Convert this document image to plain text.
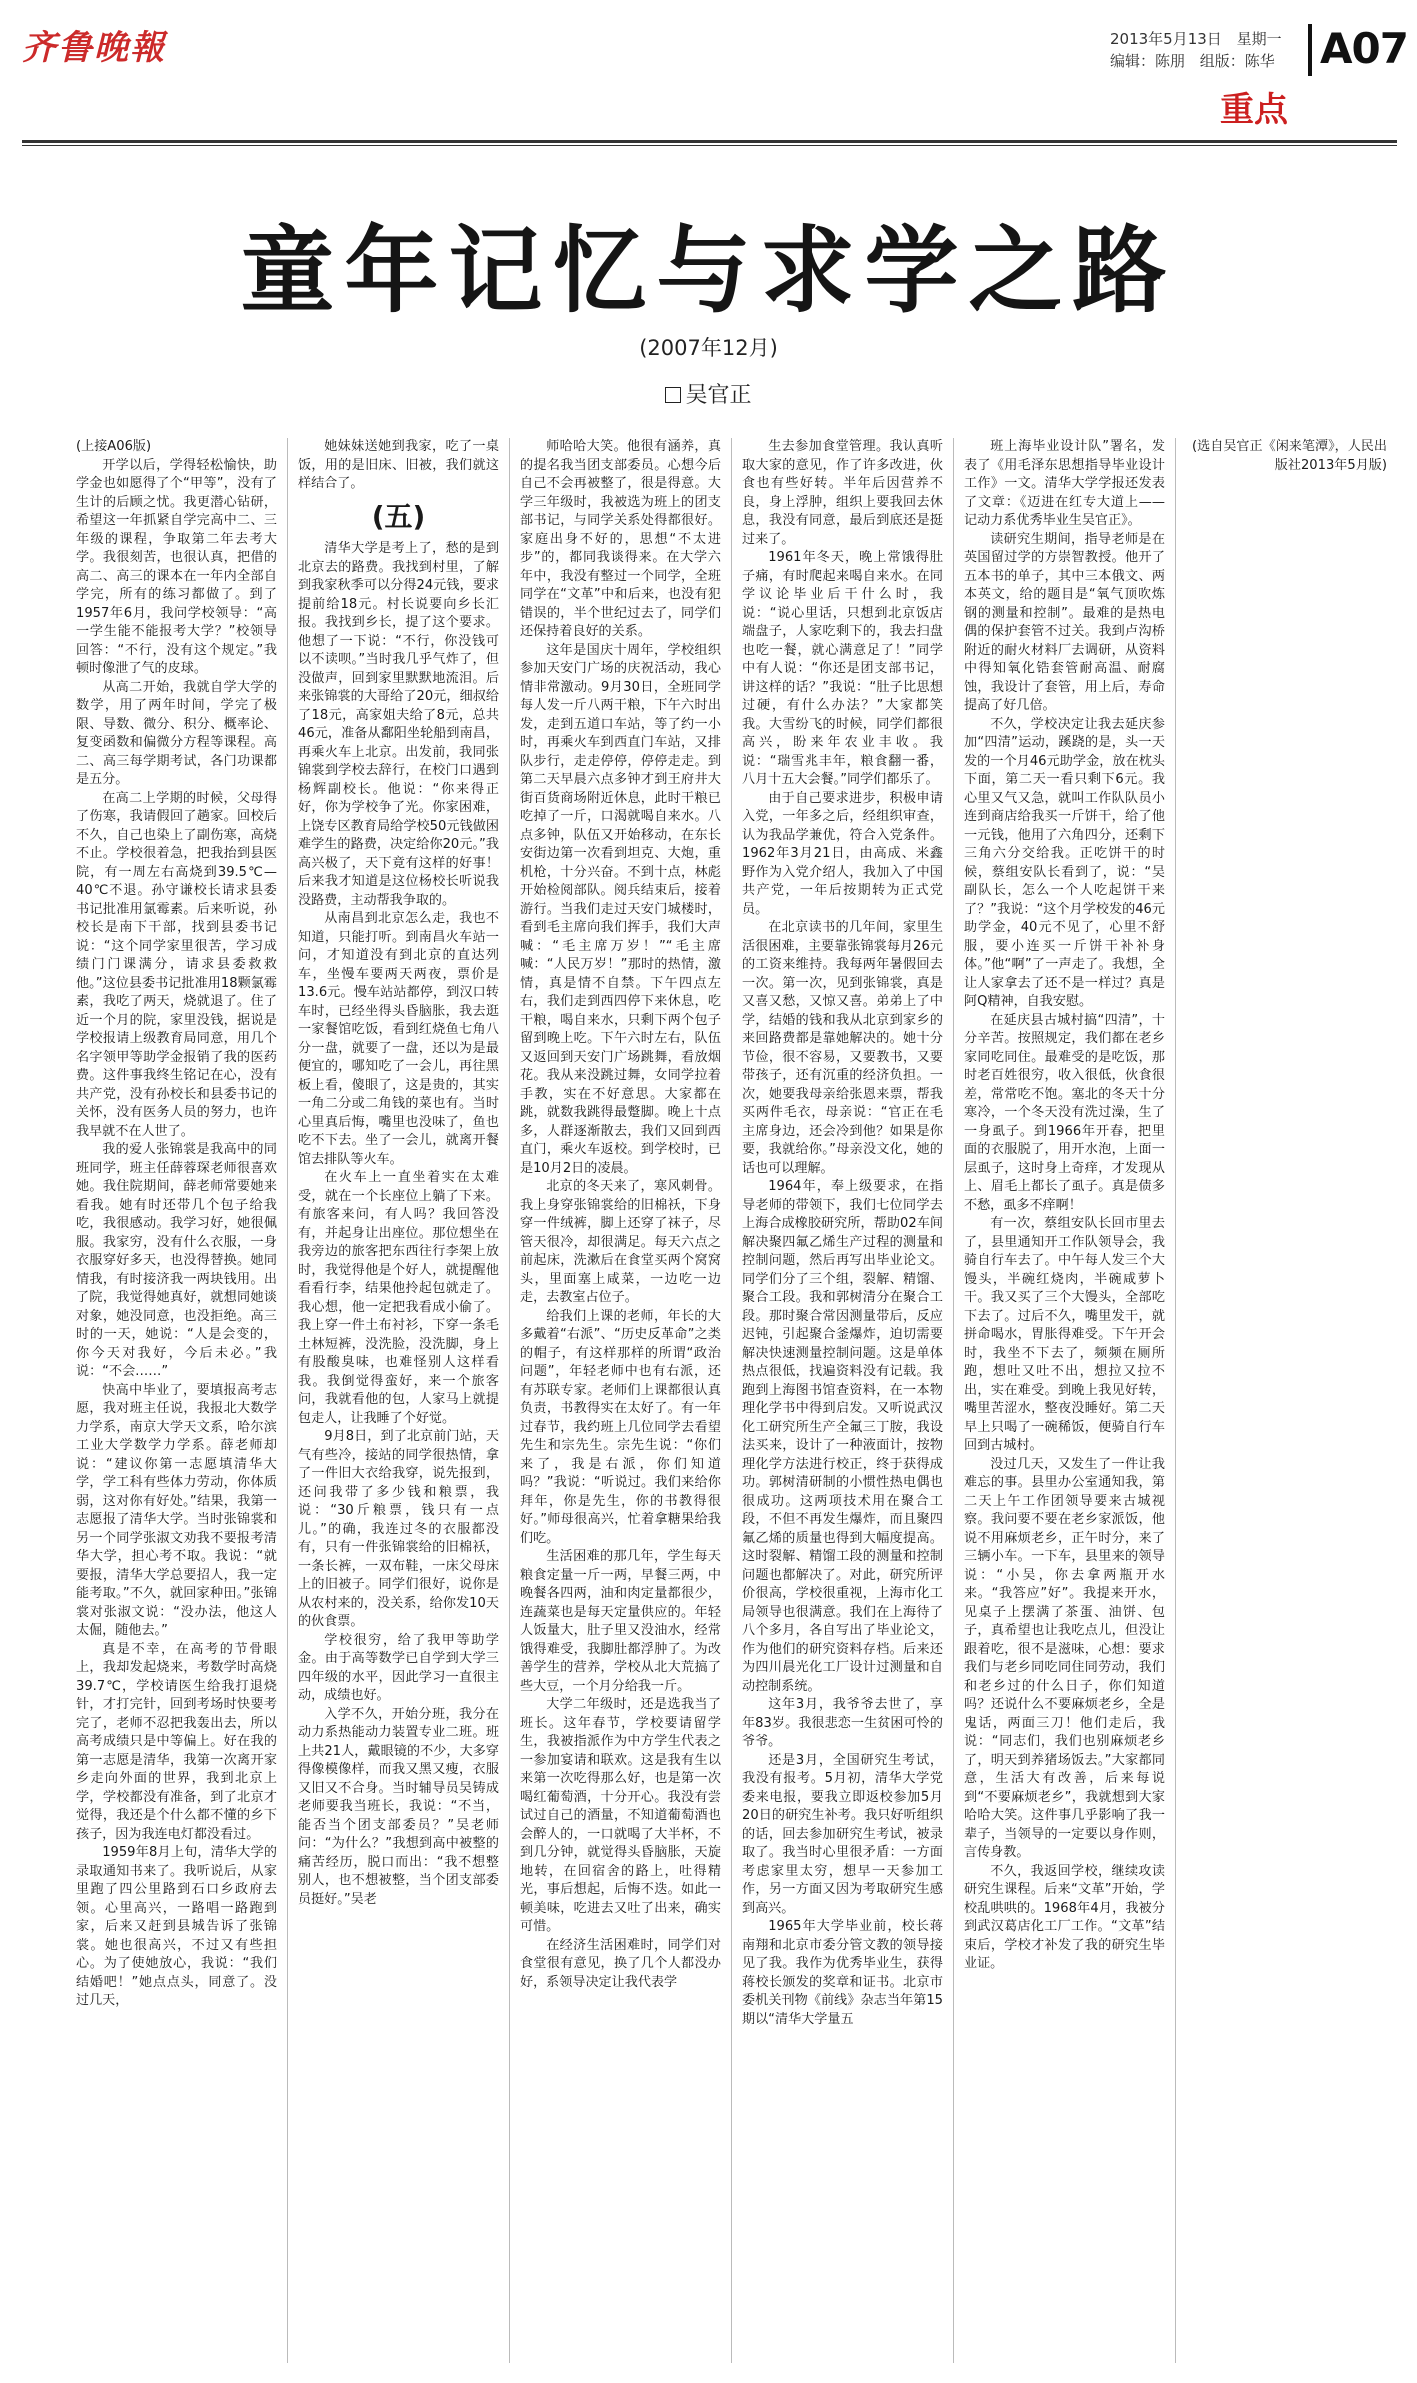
齐鲁晚報	2013年5月13日 星期一
编辑：陈朋 组版：陈华	A07
重点
童年记忆与求学之路
(2007年12月)
吴官正

(上接A06版)

开学以后，学得轻松愉快，助学金也如愿得了个“甲等”，没有了生计的后顾之忧。我更潜心钻研，希望这一年抓紧自学完高中二、三年级的课程，争取第二年去考大学。我很刻苦，也很认真，把借的高二、高三的课本在一年内全部自学完，所有的练习都做了。到了1957年6月，我问学校领导：“高一学生能不能报考大学？”校领导回答：“不行，没有这个规定。”我顿时像泄了气的皮球。

从高二开始，我就自学大学的数学，用了两年时间，学完了极限、导数、微分、积分、概率论、复变函数和偏微分方程等课程。高二、高三每学期考试，各门功课都是五分。

在高二上学期的时候，父母得了伤寒，我请假回了趟家。回校后不久，自己也染上了副伤寒，高烧不止。学校很着急，把我抬到县医院，有一周左右高烧到39.5℃—40℃不退。孙守谦校长请求县委书记批准用氯霉素。后来听说，孙校长是南下干部，找到县委书记说：“这个同学家里很苦，学习成绩门门课满分，请求县委救救他。”这位县委书记批准用18颗氯霉素，我吃了两天，烧就退了。住了近一个月的院，家里没钱，据说是学校报请上级教育局同意，用几个名字领甲等助学金报销了我的医药费。这件事我终生铭记在心，没有共产党，没有孙校长和县委书记的关怀，没有医务人员的努力，也许我早就不在人世了。

我的爱人张锦裳是我高中的同班同学，班主任薛蓉琛老师很喜欢她。我住院期间，薛老师常要她来看我。她有时还带几个包子给我吃，我很感动。我学习好，她很佩服。我家穷，没有什么衣服，一身衣服穿好多天，也没得替换。她同情我，有时接济我一两块钱用。出了院，我觉得她真好，就想同她谈对象，她没同意，也没拒绝。高三时的一天，她说：“人是会变的，你今天对我好，今后未必。”我说：“不会……”

快高中毕业了，要填报高考志愿，我对班主任说，我报北大数学力学系，南京大学天文系，哈尔滨工业大学数学力学系。薛老师却说：“建议你第一志愿填清华大学，学工科有些体力劳动，你体质弱，这对你有好处。”结果，我第一志愿报了清华大学。当时张锦裳和另一个同学张淑文劝我不要报考清华大学，担心考不取。我说：“就要报，清华大学总要招人，我一定能考取。”不久，就回家种田。”张锦裳对张淑文说：“没办法，他这人太倔，随他去。”

真是不幸，在高考的节骨眼上，我却发起烧来，考数学时高烧39.7℃，学校请医生给我打退烧针，才打完针，回到考场时快要考完了，老师不忍把我轰出去，所以高考成绩只是中等偏上。好在我的第一志愿是清华，我第一次离开家乡走向外面的世界，我到北京上学，学校都没有准备，到了北京才觉得，我还是个什么都不懂的乡下孩子，因为我连电灯都没看过。

1959年8月上旬，清华大学的录取通知书来了。我听说后，从家里跑了四公里路到石口乡政府去领。心里高兴，一路唱一路跑到家，后来又赶到县城告诉了张锦裳。她也很高兴，不过又有些担心。为了使她放心，我说：“我们结婚吧！”她点点头，同意了。没过几天，

她妹妹送她到我家，吃了一桌饭，用的是旧床、旧被，我们就这样结合了。

(五)

清华大学是考上了，愁的是到北京去的路费。我找到村里，了解到我家秋季可以分得24元钱，要求提前给18元。村长说要向乡长汇报。我找到乡长，提了这个要求。他想了一下说：“不行，你没钱可以不读呗。”当时我几乎气炸了，但没做声，回到家里默默地流泪。后来张锦裳的大哥给了20元，细叔给了18元，高家姐夫给了8元，总共46元，准备从鄱阳坐轮船到南昌，再乘火车上北京。出发前，我同张锦裳到学校去辞行，在校门口遇到杨辉副校长。他说：“你来得正好，你为学校争了光。你家困难，上饶专区教育局给学校50元钱做困难学生的路费，决定给你20元。”我高兴极了，天下竟有这样的好事！后来我才知道是这位杨校长听说我没路费，主动帮我争取的。

从南昌到北京怎么走，我也不知道，只能打听。到南昌火车站一问，才知道没有到北京的直达列车，坐慢车要两天两夜，票价是13.6元。慢车站站都停，到汉口转车时，已经坐得头昏脑胀，我去逛一家餐馆吃饭，看到红烧鱼七角八分一盘，就要了一盘，还以为是最便宜的，哪知吃了一会儿，再往黑板上看，傻眼了，这是贵的，其实一角二分或二角钱的菜也有。当时心里真后悔，嘴里也没味了，鱼也吃不下去。坐了一会儿，就离开餐馆去排队等火车。

在火车上一直坐着实在太难受，就在一个长座位上躺了下来。有旅客来问，有人吗？我回答没有，并起身让出座位。那位想坐在我旁边的旅客把东西往行李架上放时，我觉得他是个好人，就提醒他看看行李，结果他拎起包就走了。我心想，他一定把我看成小偷了。我上穿一件土布衬衫，下穿一条毛土林短裤，没洗脸，没洗脚，身上有股酸臭味，也难怪别人这样看我。我倒觉得蛮好，来一个旅客问，我就看他的包，人家马上就提包走人，让我睡了个好觉。

9月8日，到了北京前门站，天气有些冷，接站的同学很热情，拿了一件旧大衣给我穿，说先报到，还问我带了多少钱和粮票，我说：“30斤粮票，钱只有一点儿。”的确，我连过冬的衣服都没有，只有一件张锦裳给的旧棉袄，一条长裤，一双布鞋，一床父母床上的旧被子。同学们很好，说你是从农村来的，没关系，给你发10天的伙食票。

学校很穷，给了我甲等助学金。由于高等数学已自学到大学三四年级的水平，因此学习一直很主动，成绩也好。

入学不久，开始分班，我分在动力系热能动力装置专业二班。班上共21人，戴眼镜的不少，大多穿得像模像样，而我又黑又瘦，衣服又旧又不合身。当时辅导员吴铸成老师要我当班长，我说：“不当，能否当个团支部委员？”吴老师问：“为什么？”我想到高中被整的痛苦经历，脱口而出：“我不想整别人，也不想被整，当个团支部委员挺好。”吴老

师哈哈大笑。他很有涵养，真的提名我当团支部委员。心想今后自己不会再被整了，很是得意。大学三年级时，我被选为班上的团支部书记，与同学关系处得都很好。家庭出身不好的，思想“不太进步”的，都同我谈得来。在大学六年中，我没有整过一个同学，全班同学在“文革”中和后来，也没有犯错误的，半个世纪过去了，同学们还保持着良好的关系。

这年是国庆十周年，学校组织参加天安门广场的庆祝活动，我心情非常激动。9月30日，全班同学每人发一斤八两干粮，下午六时出发，走到五道口车站，等了约一小时，再乘火车到西直门车站，又排队步行，走走停停，停停走走。到第二天早晨六点多钟才到王府井大街百货商场附近休息，此时干粮已吃掉了一斤，口渴就喝自来水。八点多钟，队伍又开始移动，在东长安街边第一次看到坦克、大炮，重机枪，十分兴奋。不到十点，林彪开始检阅部队。阅兵结束后，接着游行。当我们走过天安门城楼时，看到毛主席向我们挥手，我们大声喊：“毛主席万岁！”“毛主席喊：“人民万岁！”那时的热情，激情，真是情不自禁。下午四点左右，我们走到西四停下来休息，吃干粮，喝自来水，只剩下两个包子留到晚上吃。下午六时左右，队伍又返回到天安门广场跳舞，看放烟花。我从来没跳过舞，女同学拉着手教，实在不好意思。大家都在跳，就数我跳得最蹩脚。晚上十点多，人群逐渐散去，我们又回到西直门，乘火车返校。到学校时，已是10月2日的凌晨。

北京的冬天来了，寒风刺骨。我上身穿张锦裳给的旧棉袄，下身穿一件绒裤，脚上还穿了袜子，尽管天很冷，却很满足。每天六点之前起床，洗漱后在食堂买两个窝窝头，里面塞上咸菜，一边吃一边走，去教室占位子。

给我们上课的老师，年长的大多戴着“右派”、“历史反革命”之类的帽子，有这样那样的所谓“政治问题”，年轻老师中也有右派，还有苏联专家。老师们上课都很认真负责，书教得实在太好了。有一年过春节，我约班上几位同学去看望先生和宗先生。宗先生说：“你们来了，我是右派，你们知道吗？”我说：“听说过。我们来给你拜年，你是先生，你的书教得很好。”师母很高兴，忙着拿糖果给我们吃。

生活困难的那几年，学生每天粮食定量一斤一两，早餐三两，中晚餐各四两，油和肉定量都很少，连蔬菜也是每天定量供应的。年轻人饭量大，肚子里又没油水，经常饿得难受，我脚肚都浮肿了。为改善学生的营养，学校从北大荒搞了些大豆，一个月分给我一斤。

大学二年级时，还是选我当了班长。这年春节，学校要请留学生，我被指派作为中方学生代表之一参加宴请和联欢。这是我有生以来第一次吃得那么好，也是第一次喝红葡萄酒，十分开心。我没有尝试过自己的酒量，不知道葡萄酒也会醉人的，一口就喝了大半杯，不到几分钟，就觉得头昏脑胀，天旋地转，在回宿舍的路上，吐得精光，事后想起，后悔不迭。如此一顿美味，吃进去又吐了出来，确实可惜。

在经济生活困难时，同学们对食堂很有意见，换了几个人都没办好，系领导决定让我代表学

生去参加食堂管理。我认真听取大家的意见，作了许多改进，伙食也有些好转。半年后因营养不良，身上浮肿，组织上要我回去休息，我没有同意，最后到底还是挺过来了。

1961年冬天，晚上常饿得肚子痛，有时爬起来喝自来水。在同学议论毕业后干什么时，我说：“说心里话，只想到北京饭店端盘子，人家吃剩下的，我去扫盘也吃一餐，就心满意足了！”同学中有人说：“你还是团支部书记，讲这样的话？”我说：“肚子比思想过硬，有什么办法？”大家都笑我。大雪纷飞的时候，同学们都很高兴，盼来年农业丰收。我说：“瑞雪兆丰年，粮食翻一番，八月十五大会餐。”同学们都乐了。

由于自己要求进步，积极申请入党，一年多之后，经组织审查，认为我品学兼优，符合入党条件。1962年3月21日，由高成、米鑫野作为入党介绍人，我加入了中国共产党，一年后按期转为正式党员。

在北京读书的几年间，家里生活很困难，主要靠张锦裳每月26元的工资来维持。我每两年暑假回去一次。第一次，见到张锦裳，真是又喜又愁，又惊又喜。弟弟上了中学，结婚的钱和我从北京到家乡的来回路费都是靠她解决的。她十分节俭，很不容易，又要教书，又要带孩子，还有沉重的经济负担。一次，她要我母亲给张恩来票，帮我买两件毛衣，母亲说：“官正在毛主席身边，还会冷到他？如果是你要，我就给你。”母亲没文化，她的话也可以理解。

1964年，奉上级要求，在指导老师的带领下，我们七位同学去上海合成橡胶研究所，帮助02车间解决聚四氟乙烯生产过程的测量和控制问题，然后再写出毕业论文。同学们分了三个组，裂解、精馏、聚合工段。我和郭树清分在聚合工段。那时聚合常因测量带后，反应迟钝，引起聚合釜爆炸，迫切需要解决快速测量控制问题。这是单体热点很低，找遍资料没有记载。我跑到上海图书馆查资料，在一本物理化学书中得到启发。又听说武汉化工研究所生产全氟三丁胺，我设法买来，设计了一种液面计，按物理化学方法进行校正，终于获得成功。郭树清研制的小惯性热电偶也很成功。这两项技术用在聚合工段，不但不再发生爆炸，而且聚四氟乙烯的质量也得到大幅度提高。这时裂解、精馏工段的测量和控制问题也都解决了。对此，研究所评价很高，学校很重视，上海市化工局领导也很满意。我们在上海待了八个多月，各自写出了毕业论文，作为他们的研究资料存档。后来还为四川晨光化工厂设计过测量和自动控制系统。

这年3月，我爷爷去世了，享年83岁。我很悲恋一生贫困可怜的爷爷。

还是3月，全国研究生考试，我没有报考。5月初，清华大学党委来电报，要我立即返校参加5月20日的研究生补考。我只好听组织的话，回去参加研究生考试，被录取了。我当时心里很矛盾：一方面考虑家里太穷，想早一天参加工作，另一方面又因为考取研究生感到高兴。

1965年大学毕业前，校长蒋南翔和北京市委分管文教的领导接见了我。我作为优秀毕业生，获得蒋校长颁发的奖章和证书。北京市委机关刊物《前线》杂志当年第15期以“清华大学量五

班上海毕业设计队”署名，发表了《用毛泽东思想指导毕业设计工作》一文。清华大学学报还发表了文章：《迈进在红专大道上——记动力系优秀毕业生吴官正》。

读研究生期间，指导老师是在英国留过学的方崇智教授。他开了五本书的单子，其中三本俄文、两本英文，给的题目是“氧气顶吹炼钢的测量和控制”。最难的是热电偶的保护套管不过关。我到卢沟桥附近的耐火材料厂去调研，从资料中得知氧化锆套管耐高温、耐腐蚀，我设计了套管，用上后，寿命提高了好几倍。

不久，学校决定让我去延庆参加“四清”运动，蹊跷的是，头一天发的一个月46元助学金，放在枕头下面，第二天一看只剩下6元。我心里又气又急，就叫工作队队员小连到商店给我买一斤饼干，给了他一元钱，他用了六角四分，还剩下三角六分交给我。正吃饼干的时候，蔡组安队长看到了，说：“吴副队长，怎么一个人吃起饼干来了？”我说：“这个月学校发的46元助学金，40元不见了，心里不舒服，要小连买一斤饼干补补身体。”他“啊”了一声走了。我想，全让人家拿去了还不是一样过？真是阿Q精神，自我安慰。

在延庆县古城村搞“四清”，十分辛苦。按照规定，我们都在老乡家同吃同住。最难受的是吃饭，那时老百姓很穷，收入很低，伙食很差，常常吃不饱。塞北的冬天十分寒冷，一个冬天没有洗过澡，生了一身虱子。到1966年开春，把里面的衣服脱了，用开水泡，上面一层虱子，这时身上奇痒，才发现从上、眉毛上都长了虱子。真是债多不愁，虱多不痒啊！

有一次，蔡组安队长回市里去了，县里通知开工作队领导会，我骑自行车去了。中午每人发三个大馒头，半碗红烧肉，半碗咸萝卜干。我又买了三个大馒头，全部吃下去了。过后不久，嘴里发干，就拼命喝水，胃胀得难受。下午开会时，我坐不下去了，频频在厕所跑，想吐又吐不出，想拉又拉不出，实在难受。到晚上我见好转，嘴里苦涩水，整夜没睡好。第二天早上只喝了一碗稀饭，便骑自行车回到古城村。

没过几天，又发生了一件让我难忘的事。县里办公室通知我，第二天上午工作团领导要来古城视察。我问要不要在老乡家派饭，他说不用麻烦老乡，正午时分，来了三辆小车。一下车，县里来的领导说：“小吴，你去拿两瓶开水来。“我答应”好”。我提来开水，见桌子上摆满了茶蛋、油饼、包子，真希望也让我吃点儿，但没让跟着吃，很不是滋味，心想：要求我们与老乡同吃同住同劳动，我们和老乡过的什么日子，你们知道吗？还说什么不要麻烦老乡，全是鬼话，两面三刀！他们走后，我说：“同志们，我们也别麻烦老乡了，明天到养猪场饭去。”大家都同意，生活大有改善，后来每说到“不要麻烦老乡”，我就想到大家哈哈大笑。这件事几乎影响了我一辈子，当领导的一定要以身作则，言传身教。

不久，我返回学校，继续攻读研究生课程。后来“文革”开始，学校乱哄哄的。1968年4月，我被分到武汉葛店化工厂工作。“文革”结束后，学校才补发了我的研究生毕业证。

(选自吴官正《闲来笔潭》，人民出版社2013年5月版)
